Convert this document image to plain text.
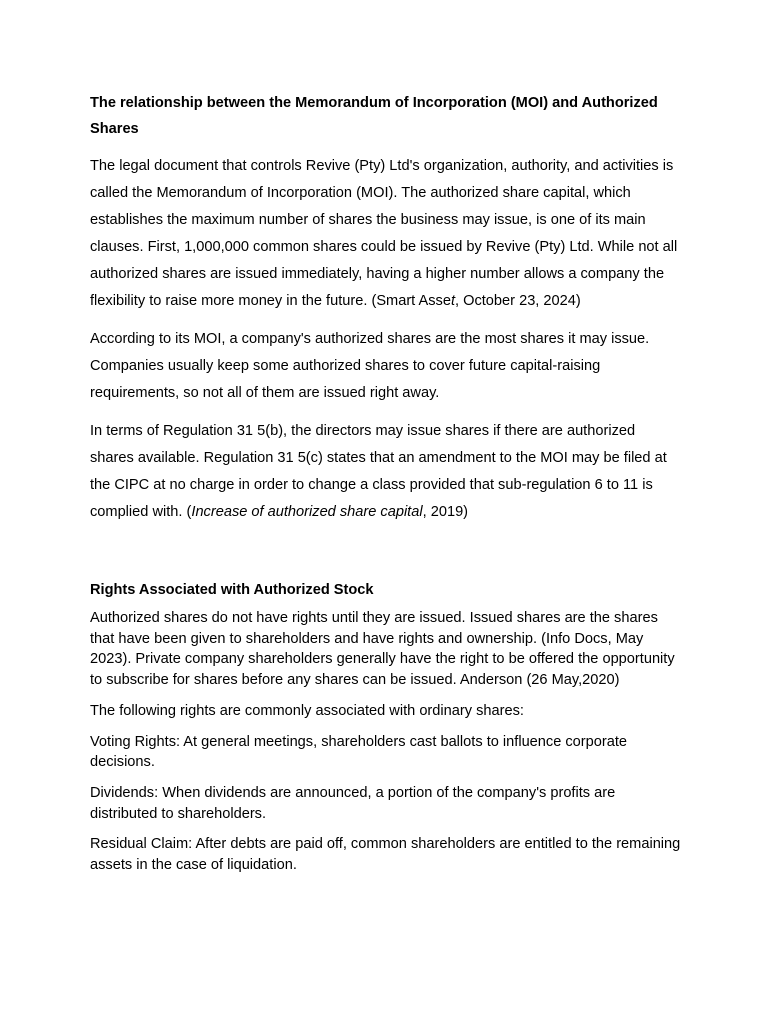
The relationship between the Memorandum of Incorporation (MOI) and Authorized Shares

The legal document that controls Revive (Pty) Ltd's organization, authority, and activities is called the Memorandum of Incorporation (MOI). The authorized share capital, which establishes the maximum number of shares the business may issue, is one of its main clauses. First, 1,000,000 common shares could be issued by Revive (Pty) Ltd. While not all authorized shares are issued immediately, having a higher number allows a company the flexibility to raise more money in the future. (Smart Asset, October 23, 2024)

According to its MOI, a company's authorized shares are the most shares it may issue. Companies usually keep some authorized shares to cover future capital-raising requirements, so not all of them are issued right away.

In terms of Regulation 31 5(b), the directors may issue shares if there are authorized shares available. Regulation 31 5(c) states that an amendment to the MOI may be filed at the CIPC at no charge in order to change a class provided that sub-regulation 6 to 11 is complied with. (Increase of authorized share capital, 2019)

Rights Associated with Authorized Stock

Authorized shares do not have rights until they are issued. Issued shares are the shares that have been given to shareholders and have rights and ownership. (Info Docs, May 2023). Private company shareholders generally have the right to be offered the opportunity to subscribe for shares before any shares can be issued. Anderson (26 May,2020)

The following rights are commonly associated with ordinary shares:

Voting Rights: At general meetings, shareholders cast ballots to influence corporate decisions.

Dividends: When dividends are announced, a portion of the company's profits are distributed to shareholders.

Residual Claim: After debts are paid off, common shareholders are entitled to the remaining assets in the case of liquidation.
